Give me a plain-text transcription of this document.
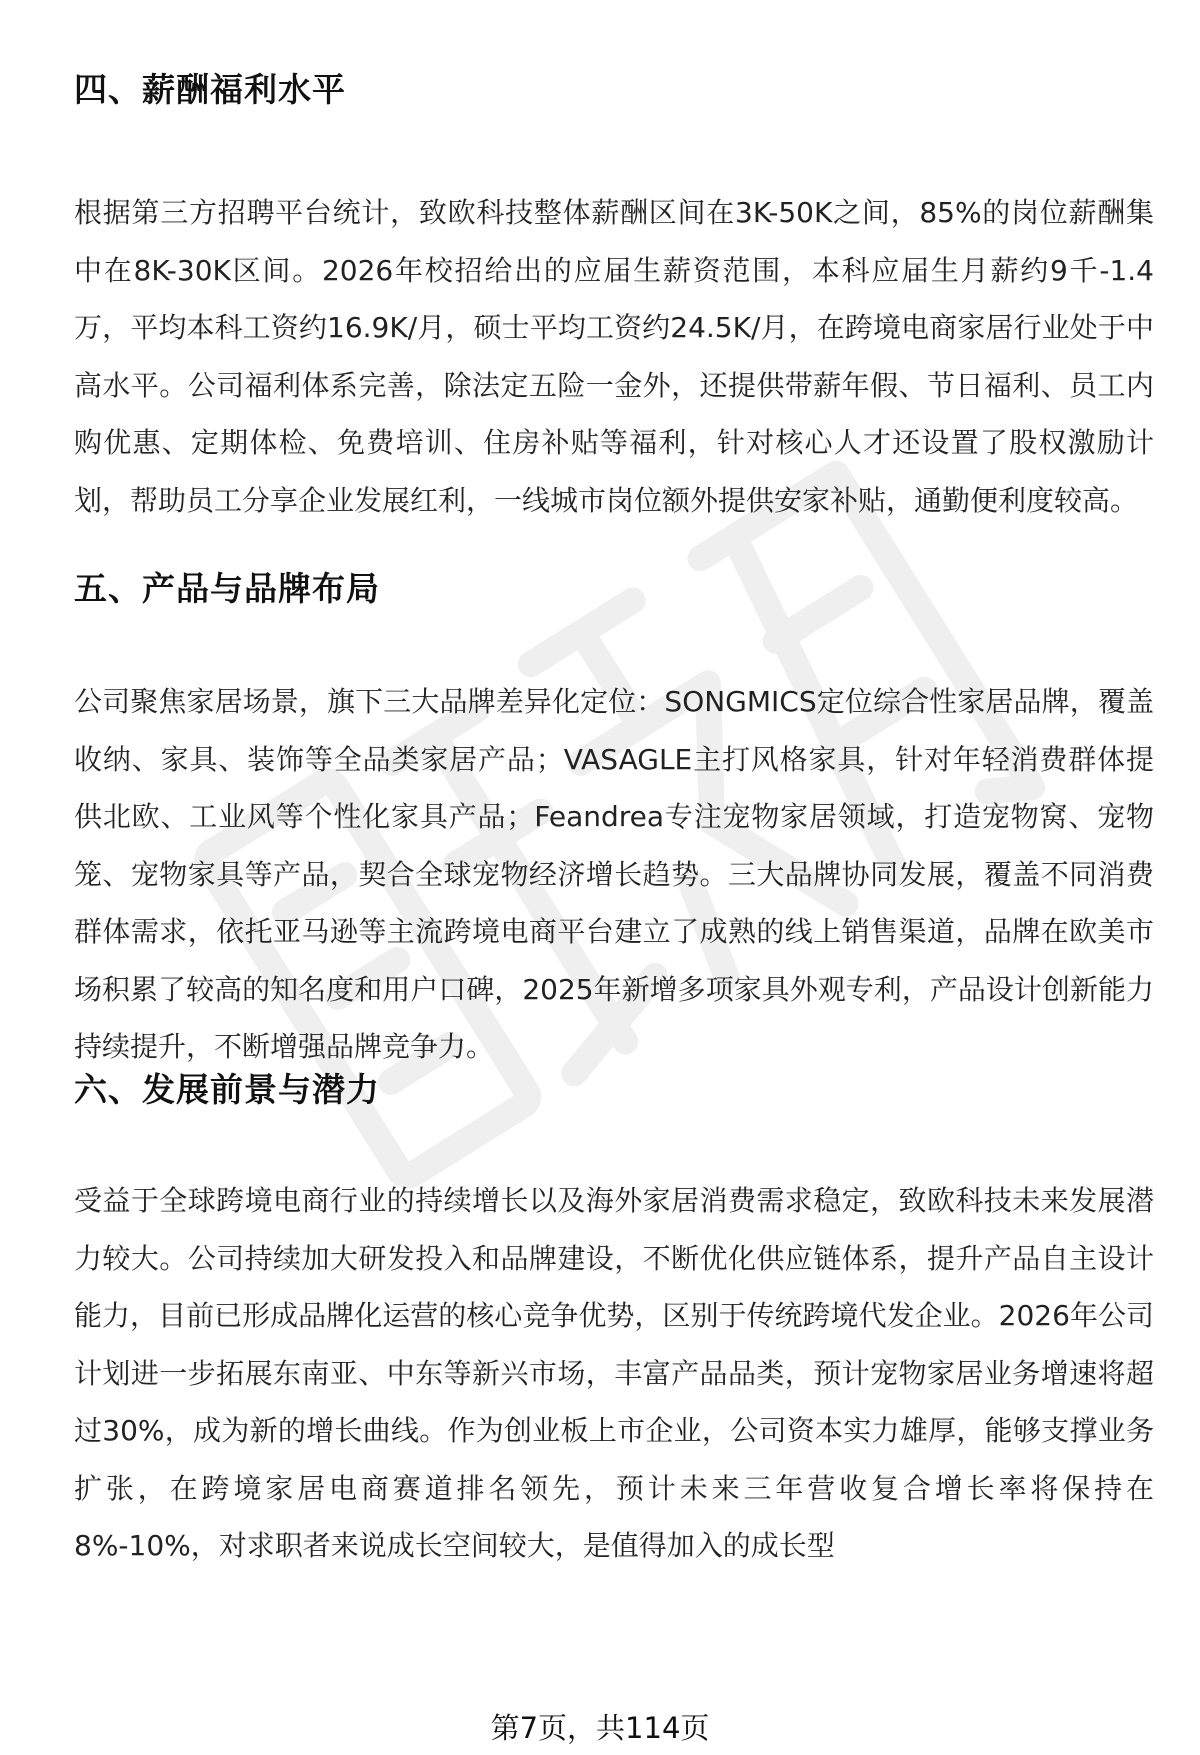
四、薪酬福利水平

根据第三方招聘平台统计，致欧科技整体薪酬区间在3K-50K之间，85%的岗位薪酬集中在8K-30K区间。2026年校招给出的应届生薪资范围，本科应届生月薪约9千-1.4万，平均本科工资约16.9K/月，硕士平均工资约24.5K/月，在跨境电商家居行业处于中高水平。公司福利体系完善，除法定五险一金外，还提供带薪年假、节日福利、员工内购优惠、定期体检、免费培训、住房补贴等福利，针对核心人才还设置了股权激励计划，帮助员工分享企业发展红利，一线城市岗位额外提供安家补贴，通勤便利度较高。

五、产品与品牌布局

公司聚焦家居场景，旗下三大品牌差异化定位：SONGMICS定位综合性家居品牌，覆盖收纳、家具、装饰等全品类家居产品；VASAGLE主打风格家具，针对年轻消费群体提供北欧、工业风等个性化家具产品；Feandrea专注宠物家居领域，打造宠物窝、宠物笼、宠物家具等产品，契合全球宠物经济增长趋势。三大品牌协同发展，覆盖不同消费群体需求，依托亚马逊等主流跨境电商平台建立了成熟的线上销售渠道，品牌在欧美市场积累了较高的知名度和用户口碑，2025年新增多项家具外观专利，产品设计创新能力持续提升，不断增强品牌竞争力。

六、发展前景与潜力

受益于全球跨境电商行业的持续增长以及海外家居消费需求稳定，致欧科技未来发展潜力较大。公司持续加大研发投入和品牌建设，不断优化供应链体系，提升产品自主设计能力，目前已形成品牌化运营的核心竞争优势，区别于传统跨境代发企业。2026年公司计划进一步拓展东南亚、中东等新兴市场，丰富产品品类，预计宠物家居业务增速将超过30%，成为新的增长曲线。作为创业板上市企业，公司资本实力雄厚，能够支撑业务扩张，在跨境家居电商赛道排名领先，预计未来三年营收复合增长率将保持在8%-10%，对求职者来说成长空间较大，是值得加入的成长型

第7页，共114页
